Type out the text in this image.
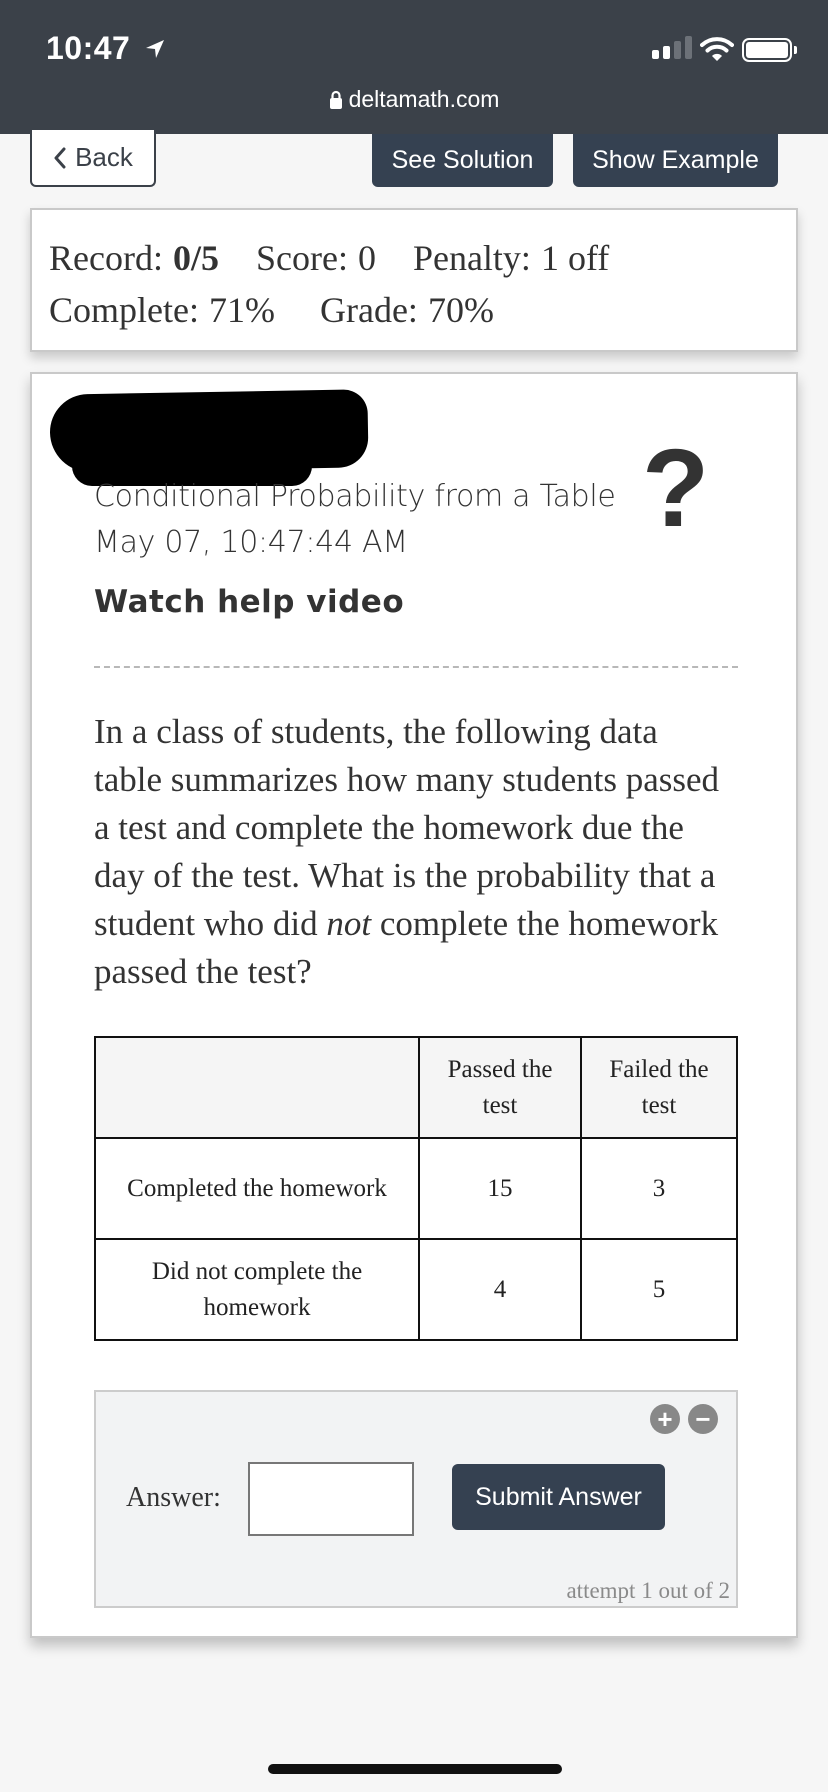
10:47
deltamath.com
Back	See Solution	Show Example
Record: 0/5 Score: 0 Penalty: 1 off
Complete: 71% Grade: 70%
Conditional Probability from a Table
May 07, 10:47:44 AM
Watch help video
?
In a class of students, the following data table summarizes how many students passed a test and complete the homework due the day of the test. What is the probability that a student who did not complete the homework passed the test?
	Passed the test	Failed the test
Completed the homework	15	3
Did not complete the homework	4	5
+ −
Answer:	Submit Answer
attempt 1 out of 2
